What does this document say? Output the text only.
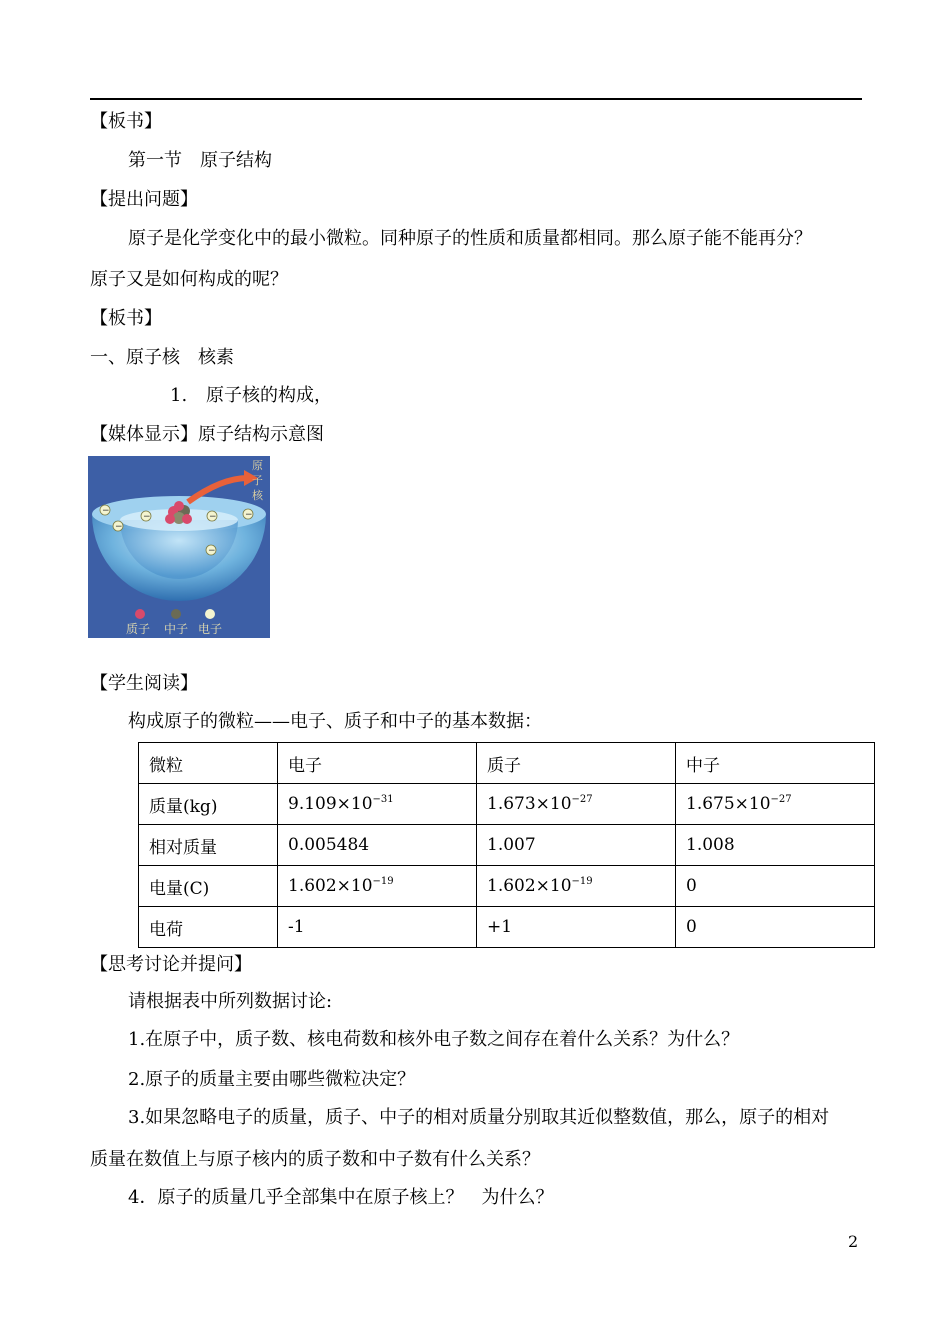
【板书】
第一节　原子结构
【提出问题】
原子是化学变化中的最小微粒。同种原子的性质和质量都相同。那么原子能不能再分？
原子又是如何构成的呢？
【板书】
一、原子核　核素
1. 原子核的构成，
【媒体显示】原子结构示意图
−
−	−	−
−
−
原
子
核
质子 中子 电子
【学生阅读】
构成原子的微粒——电子、质子和中子的基本数据：
微粒	电子	质子	中子
质量(kg)	$9.109\times 10^{-31}$	$1.673\times 10^{-27}$	$1.675\times 10^{-27}$
相对质量	0.005484	1.007	1.008
电量(C)	$1.602\times 10^{-19}$	$1.602\times 10^{-19}$	0
电荷	-1	+1	0
【思考讨论并提问】
请根据表中所列数据讨论:
1.在原子中，质子数、核电荷数和核外电子数之间存在着什么关系？为什么？
2.原子的质量主要由哪些微粒决定？
3.如果忽略电子的质量，质子、中子的相对质量分别取其近似整数值，那么，原子的相对
质量在数值上与原子核内的质子数和中子数有什么关系？
4．原子的质量几乎全部集中在原子核上？　为什么？
2
